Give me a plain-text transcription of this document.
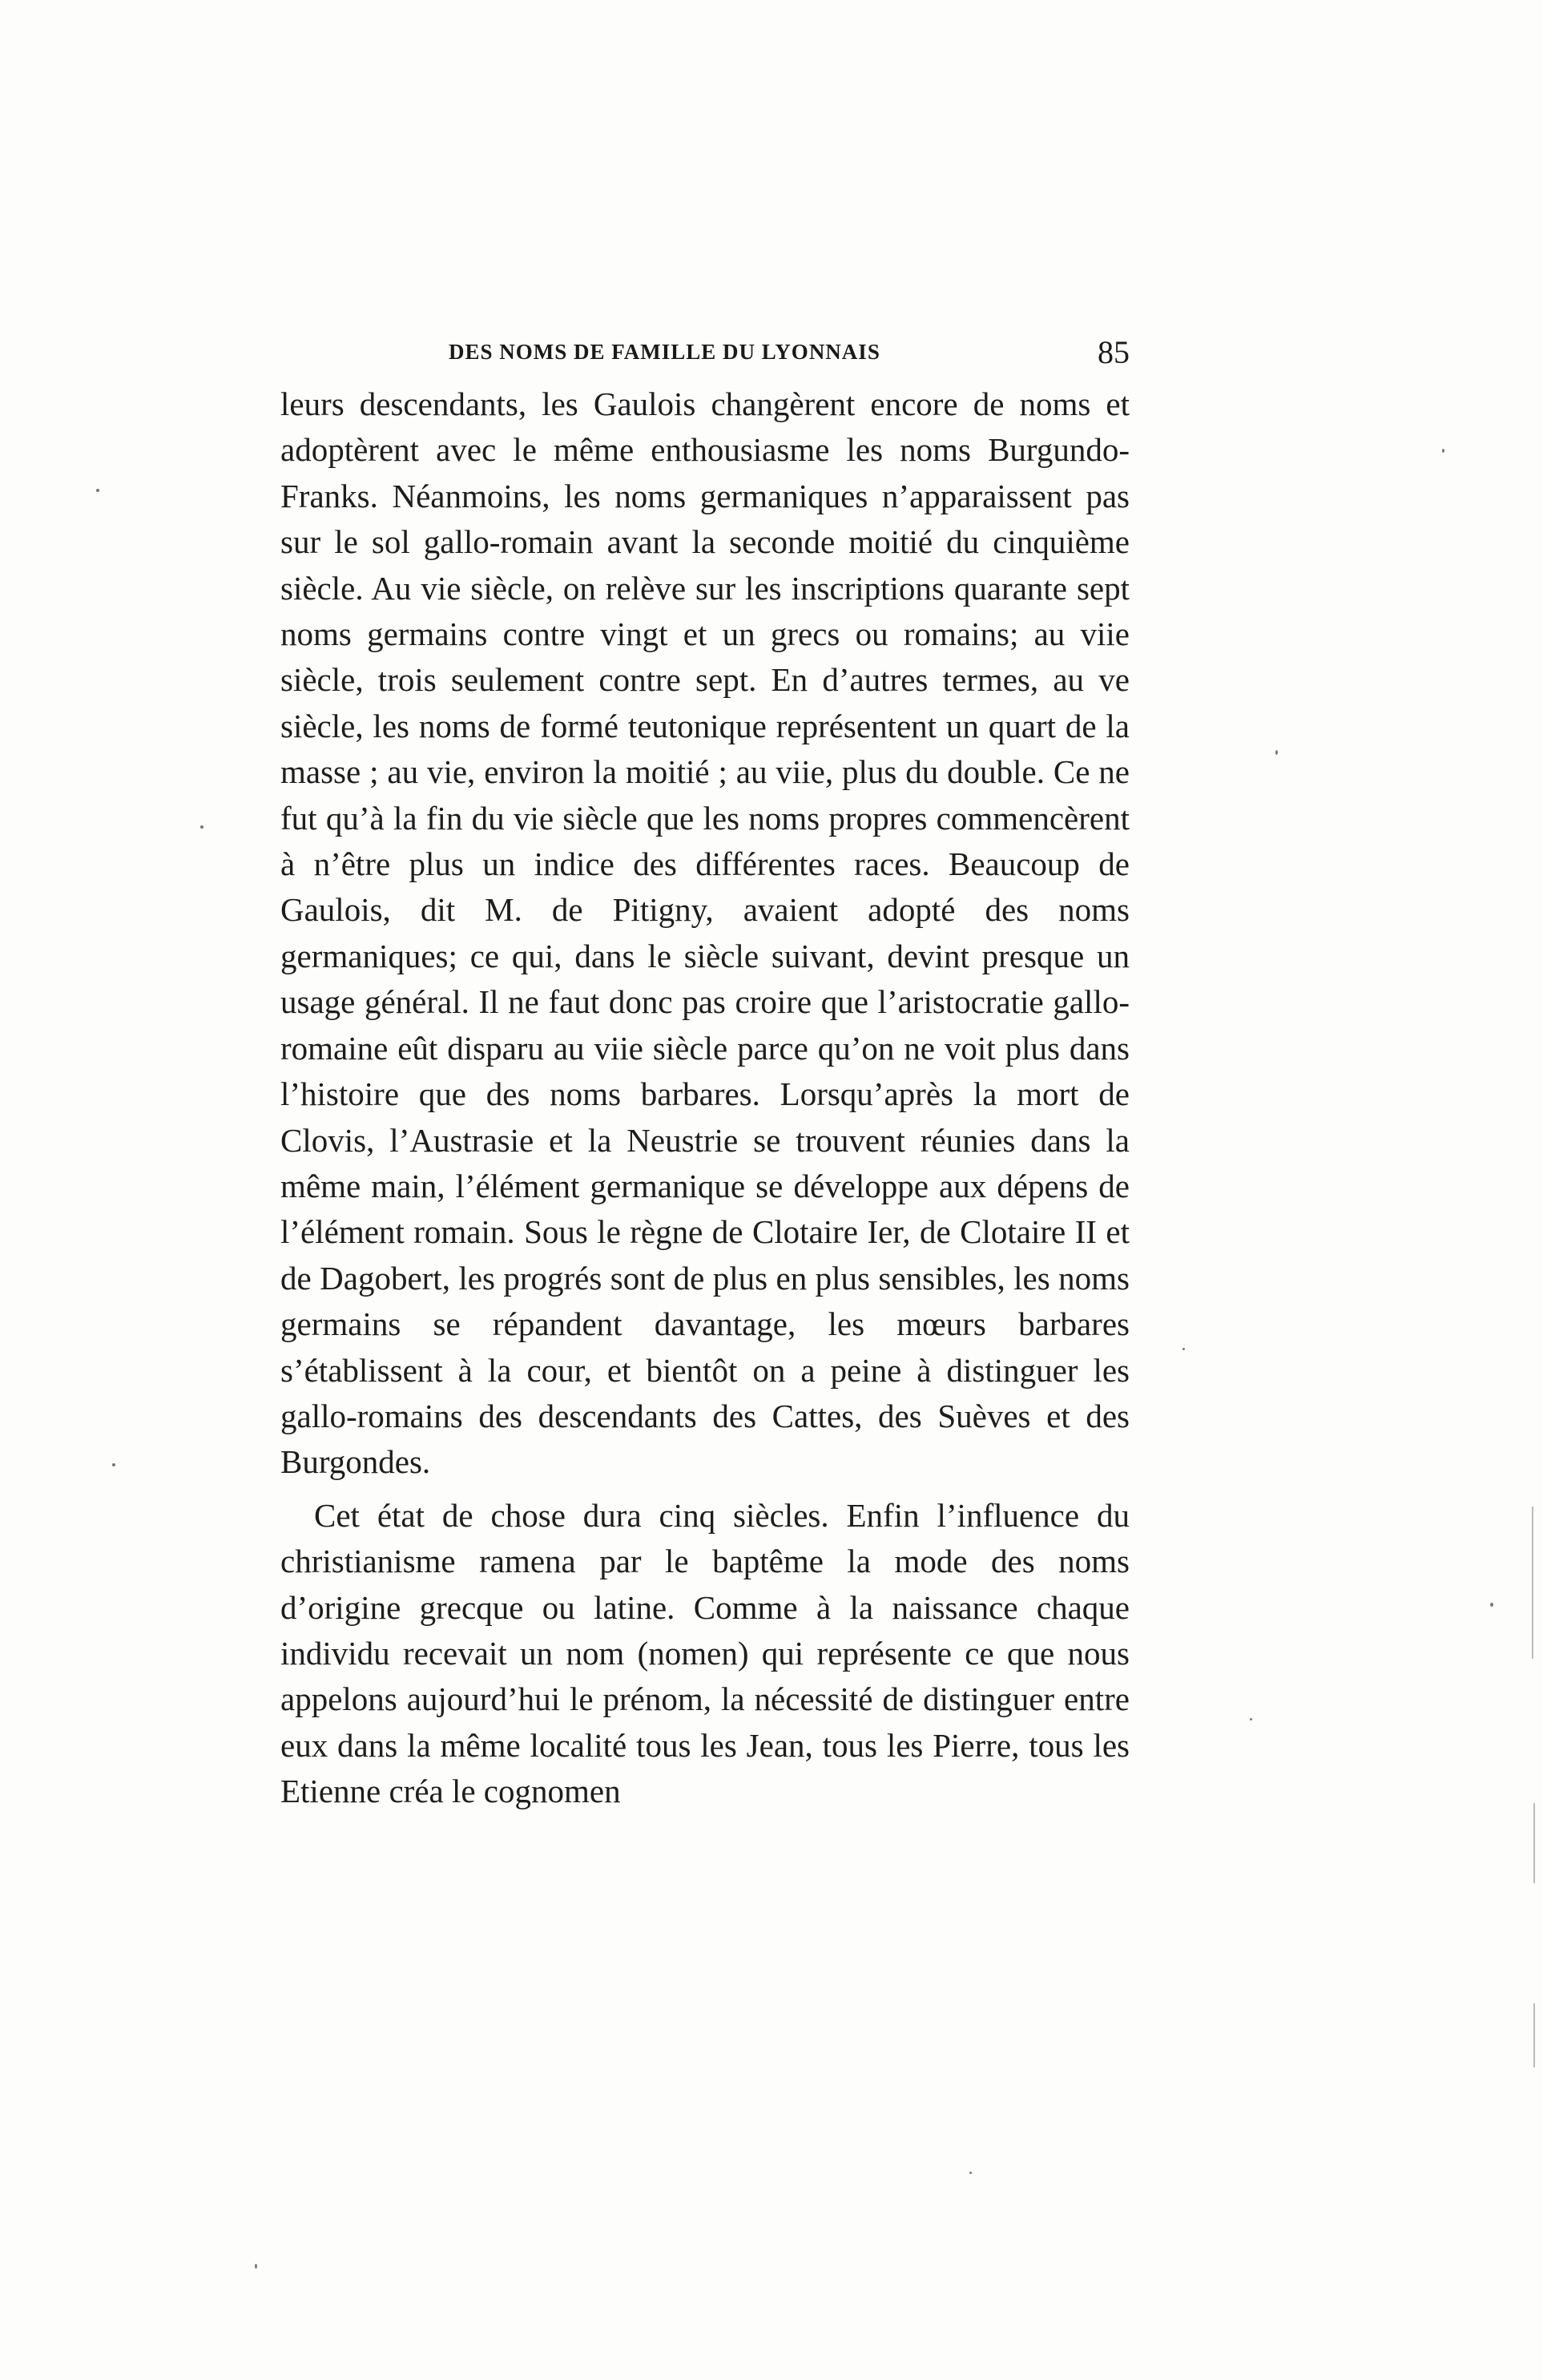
DES NOMS DE FAMILLE DU LYONNAIS	85

leurs descendants, les Gaulois changèrent encore de noms et adoptèrent avec le même enthousiasme les noms Burgundo-Franks. Néanmoins, les noms germaniques n’apparaissent pas sur le sol gallo-romain avant la seconde moitié du cinquième siècle. Au vie siècle, on relève sur les inscriptions quarante sept noms germains contre vingt et un grecs ou romains; au viie siècle, trois seulement contre sept. En d’autres termes, au ve siècle, les noms de formé teutonique représentent un quart de la masse ; au vie, environ la moitié ; au viie, plus du double. Ce ne fut qu’à la fin du vie siècle que les noms propres commencèrent à n’être plus un indice des différentes races. Beaucoup de Gaulois, dit M. de Pitigny, avaient adopté des noms germaniques; ce qui, dans le siècle suivant, devint presque un usage général. Il ne faut donc pas croire que l’aristocratie gallo-romaine eût disparu au viie siècle parce qu’on ne voit plus dans l’histoire que des noms barbares. Lorsqu’après la mort de Clovis, l’Austrasie et la Neustrie se trouvent réunies dans la même main, l’élément germanique se développe aux dépens de l’élément romain. Sous le règne de Clotaire Ier, de Clotaire II et de Dagobert, les progrés sont de plus en plus sensibles, les noms germains se répandent davantage, les mœurs barbares s’établissent à la cour, et bientôt on a peine à distinguer les gallo-romains des descendants des Cattes, des Suèves et des Burgondes.

Cet état de chose dura cinq siècles. Enfin l’influence du christianisme ramena par le baptême la mode des noms d’origine grecque ou latine. Comme à la naissance chaque individu recevait un nom (nomen) qui représente ce que nous appelons aujourd’hui le prénom, la nécessité de distinguer entre eux dans la même localité tous les Jean, tous les Pierre, tous les Etienne créa le cognomen
